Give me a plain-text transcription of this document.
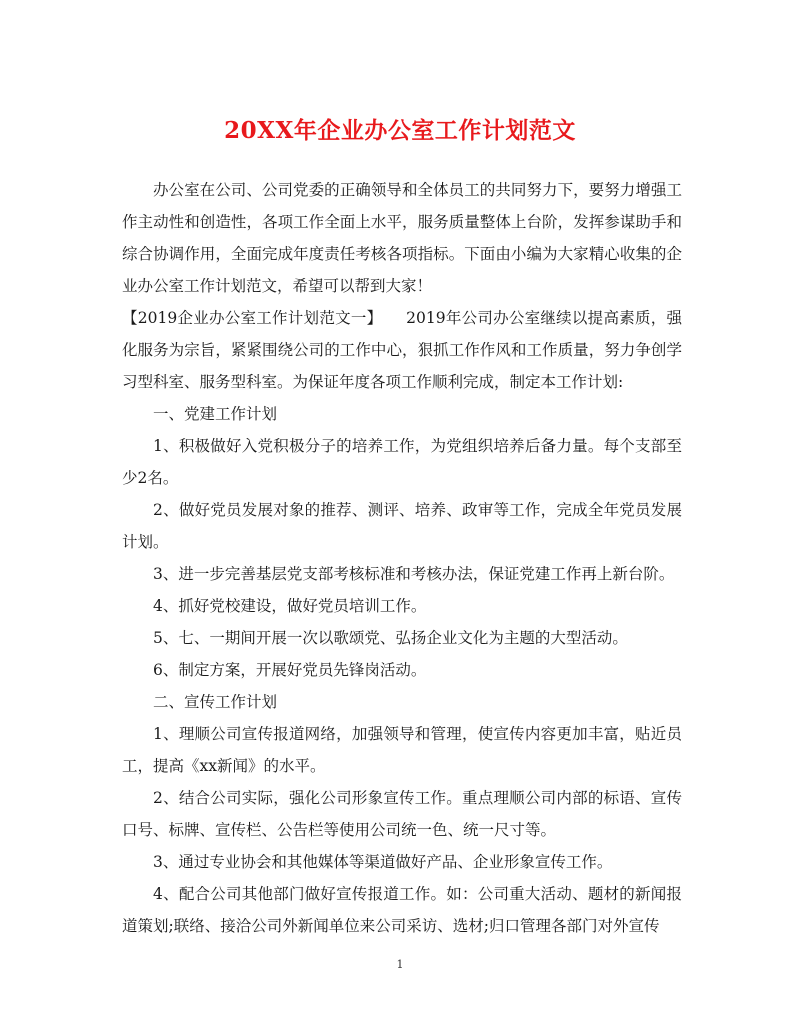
20XX年企业办公室工作计划范文

办公室在公司、公司党委的正确领导和全体员工的共同努力下，要努力增强工作主动性和创造性，各项工作全面上水平，服务质量整体上台阶，发挥参谋助手和综合协调作用，全面完成年度责任考核各项指标。下面由小编为大家精心收集的企业办公室工作计划范文，希望可以帮到大家！

【2019企业办公室工作计划范文一】　　2019年公司办公室继续以提高素质，强化服务为宗旨，紧紧围绕公司的工作中心，狠抓工作作风和工作质量，努力争创学习型科室、服务型科室。为保证年度各项工作顺利完成，制定本工作计划:

一、党建工作计划

1、积极做好入党积极分子的培养工作，为党组织培养后备力量。每个支部至少2名。

2、做好党员发展对象的推荐、测评、培养、政审等工作，完成全年党员发展计划。

3、进一步完善基层党支部考核标准和考核办法，保证党建工作再上新台阶。

4、抓好党校建设，做好党员培训工作。

5、七、一期间开展一次以歌颂党、弘扬企业文化为主题的大型活动。

6、制定方案，开展好党员先锋岗活动。

二、宣传工作计划

1、理顺公司宣传报道网络，加强领导和管理，使宣传内容更加丰富，贴近员工，提高《xx新闻》的水平。

2、结合公司实际，强化公司形象宣传工作。重点理顺公司内部的标语、宣传口号、标牌、宣传栏、公告栏等使用公司统一色、统一尺寸等。

3、通过专业协会和其他媒体等渠道做好产品、企业形象宣传工作。

4、配合公司其他部门做好宣传报道工作。如：公司重大活动、题材的新闻报道策划;联络、接洽公司外新闻单位来公司采访、选材;归口管理各部门对外宣传

1
